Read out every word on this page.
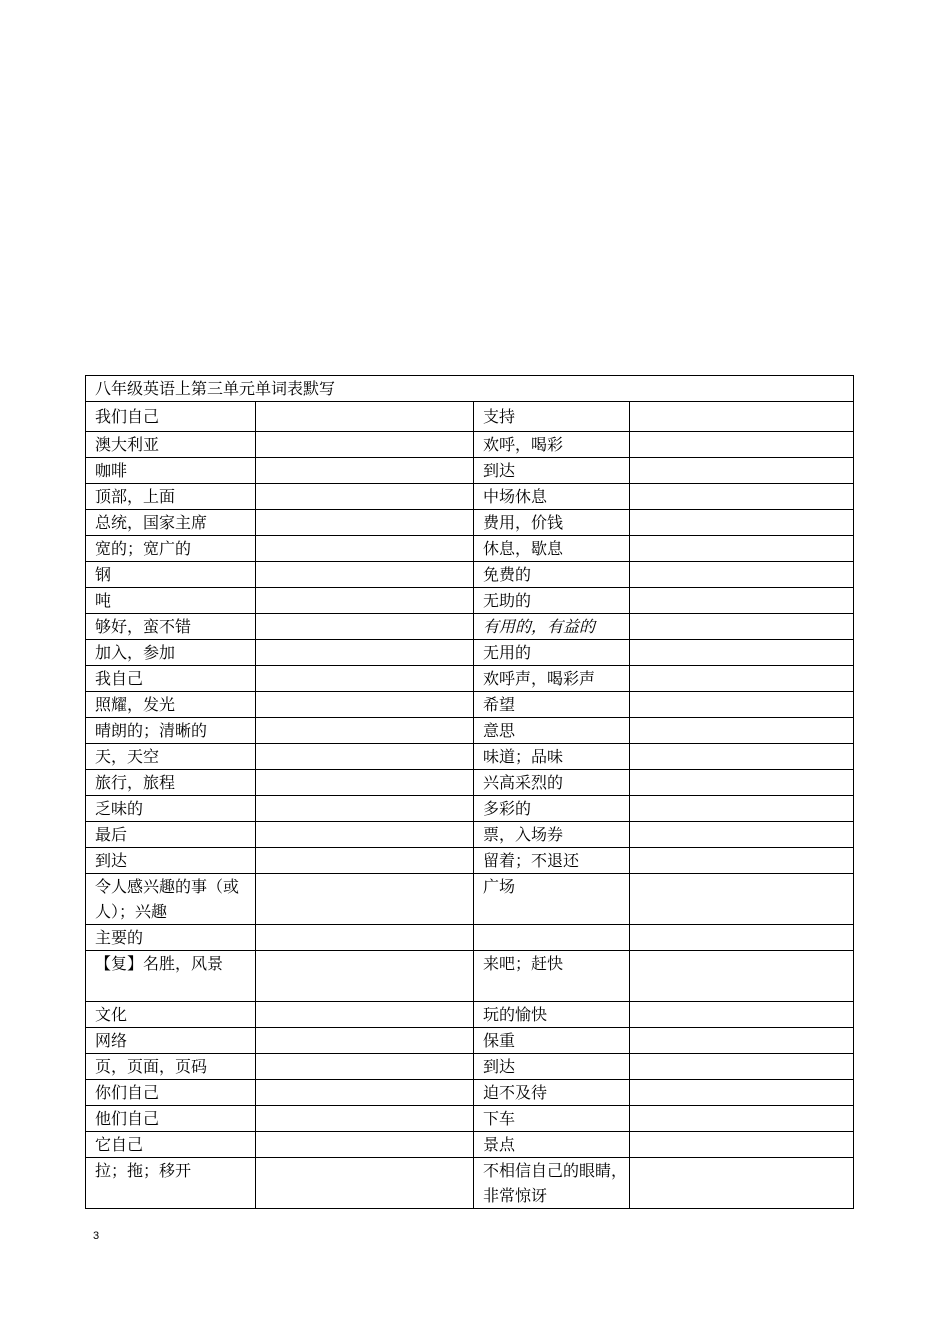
八年级英语上第三单元单词表默写			
我们自己		支持	
澳大利亚		欢呼，喝彩	
咖啡		到达	
顶部，上面		中场休息	
总统，国家主席		费用，价钱	
宽的；宽广的		休息，歇息	
钢		免费的	
吨		无助的	
够好，蛮不错		有用的，有益的	
加入，参加		无用的	
我自己		欢呼声，喝彩声	
照耀，发光		希望	
晴朗的；清晰的		意思	
天，天空		味道；品味	
旅行，旅程		兴高采烈的	
乏味的		多彩的	
最后		票，入场券	
到达		留着；不退还	
令人感兴趣的事（或人）；兴趣		广场	
主要的			
【复】名胜，风景		来吧；赶快	
文化		玩的愉快	
网络		保重	
页，页面，页码		到达	
你们自己		迫不及待	
他们自己		下车	
它自己		景点	
拉；拖；移开		不相信自己的眼睛，非常惊讶	
3
